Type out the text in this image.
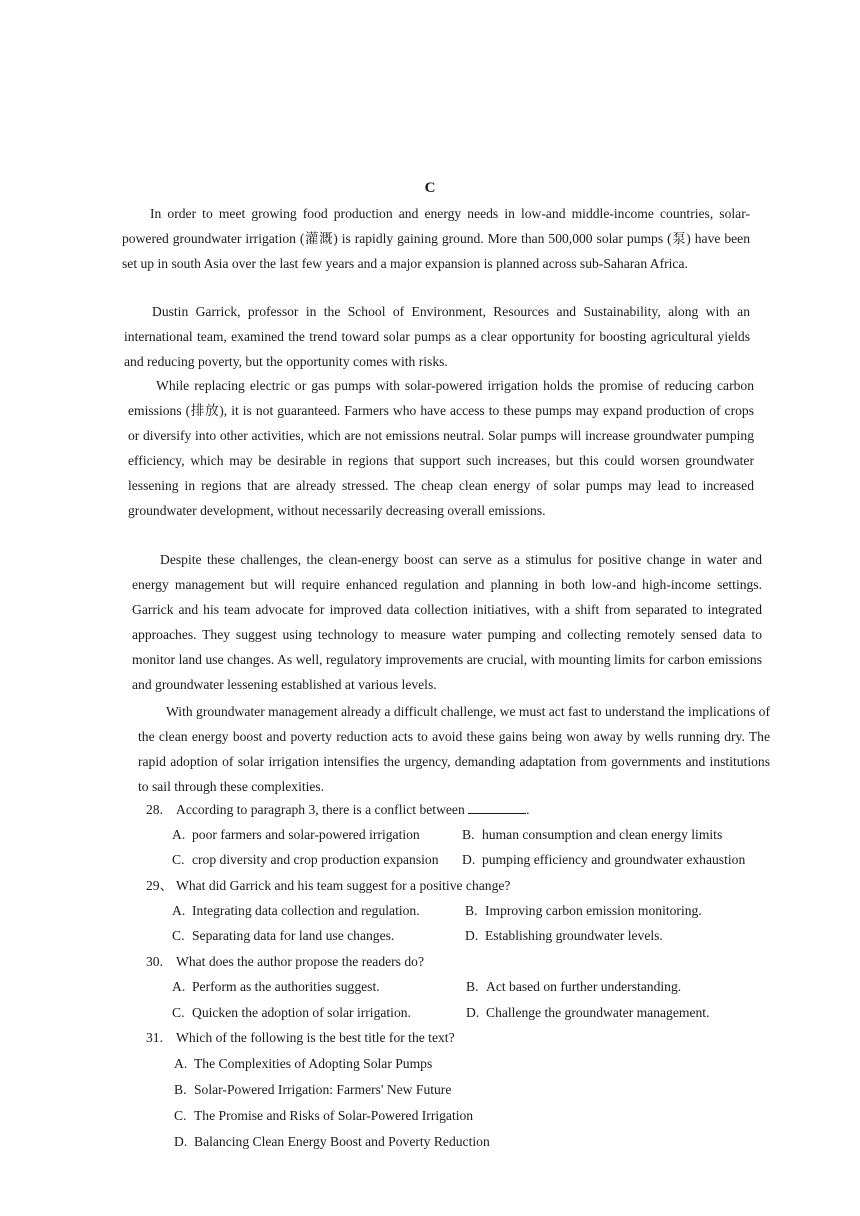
C
In order to meet growing food production and energy needs in low-and middle-income countries, solar-powered groundwater irrigation (灌溉) is rapidly gaining ground. More than 500,000 solar pumps (泵) have been set up in south Asia over the last few years and a major expansion is planned across sub-Saharan Africa.
Dustin Garrick, professor in the School of Environment, Resources and Sustainability, along with an international team, examined the trend toward solar pumps as a clear opportunity for boosting agricultural yields and reducing poverty, but the opportunity comes with risks.
While replacing electric or gas pumps with solar-powered irrigation holds the promise of reducing carbon emissions (排放), it is not guaranteed. Farmers who have access to these pumps may expand production of crops or diversify into other activities, which are not emissions neutral. Solar pumps will increase groundwater pumping efficiency, which may be desirable in regions that support such increases, but this could worsen groundwater lessening in regions that are already stressed. The cheap clean energy of solar pumps may lead to increased groundwater development, without necessarily decreasing overall emissions.
Despite these challenges, the clean-energy boost can serve as a stimulus for positive change in water and energy management but will require enhanced regulation and planning in both low-and high-income settings. Garrick and his team advocate for improved data collection initiatives, with a shift from separated to integrated approaches. They suggest using technology to measure water pumping and collecting remotely sensed data to monitor land use changes. As well, regulatory improvements are crucial, with mounting limits for carbon emissions and groundwater lessening established at various levels.
With groundwater management already a difficult challenge, we must act fast to understand the implications of the clean energy boost and poverty reduction acts to avoid these gains being won away by wells running dry. The rapid adoption of solar irrigation intensifies the urgency, demanding adaptation from governments and institutions to sail through these complexities.
28. According to paragraph 3, there is a conflict between	.
A. poor farmers and solar-powered irrigation	B. human consumption and clean energy limits
C. crop diversity and crop production expansion D. pumping efficiency and groundwater exhaustion
29、 What did Garrick and his team suggest for a positive change?
A. Integrating data collection and regulation.	B. Improving carbon emission monitoring.
C. Separating data for land use changes.	D. Establishing groundwater levels.
30. What does the author propose the readers do?
A. Perform as the authorities suggest.	B. Act based on further understanding.
C. Quicken the adoption of solar irrigation.	D. Challenge the groundwater management.
31. Which of the following is the best title for the text?
A. The Complexities of Adopting Solar Pumps
B. Solar-Powered Irrigation: Farmers' New Future
C. The Promise and Risks of Solar-Powered Irrigation
D. Balancing Clean Energy Boost and Poverty Reduction
